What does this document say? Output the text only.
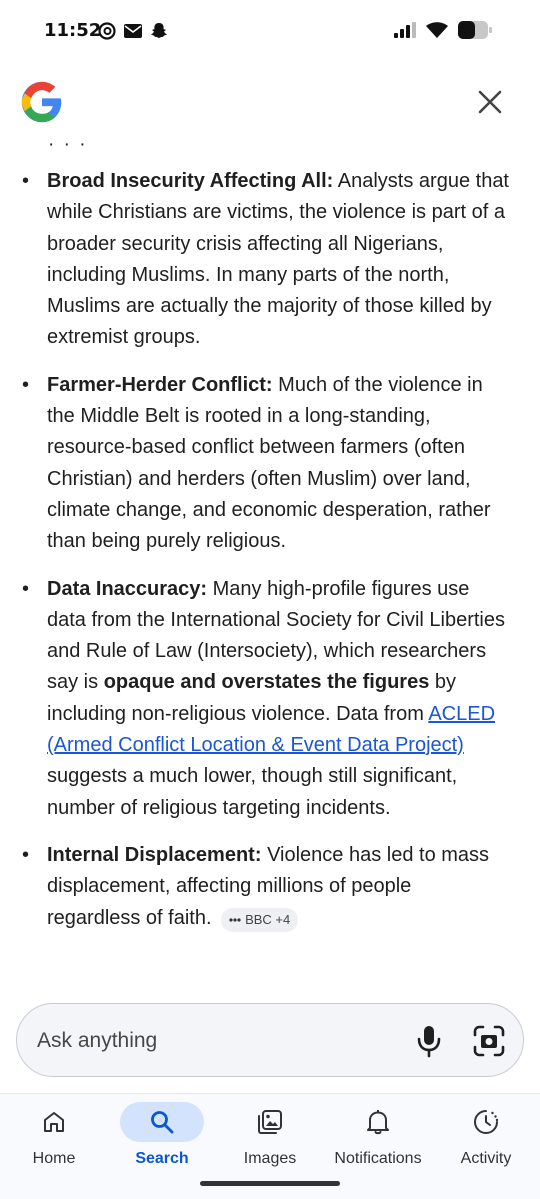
11:52
· · ·
• Broad Insecurity Affecting All: Analysts argue that while Christians are victims, the violence is part of a broader security crisis affecting all Nigerians, including Muslims. In many parts of the north, Muslims are actually the majority of those killed by extremist groups.
• Farmer-Herder Conflict: Much of the violence in the Middle Belt is rooted in a long-standing, resource-based conflict between farmers (often Christian) and herders (often Muslim) over land, climate change, and economic desperation, rather than being purely religious.
• Data Inaccuracy: Many high-profile figures use data from the International Society for Civil Liberties and Rule of Law (Intersociety), which researchers say is opaque and overstates the figures by including non-religious violence. Data from ACLED (Armed Conflict Location & Event Data Project) suggests a much lower, though still significant, number of religious targeting incidents.
• Internal Displacement: Violence has led to mass displacement, affecting millions of people regardless of faith.	BBC +4
Ask anything
Home	Search	Images	Notifications	Activity
